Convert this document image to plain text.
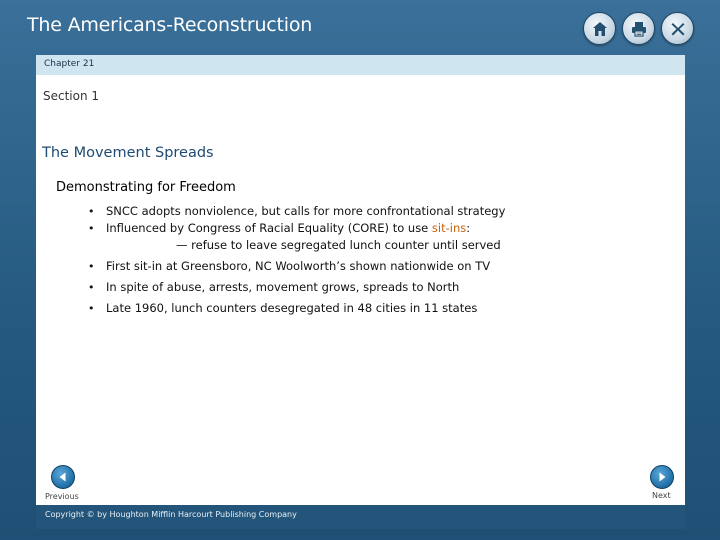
The Americans-Reconstruction
Chapter 21
Section 1
The Movement Spreads
Demonstrating for Freedom
• SNCC adopts nonviolence, but calls for more confrontational strategy
• Influenced by Congress of Racial Equality (CORE) to use sit-ins:
— refuse to leave segregated lunch counter until served
• First sit-in at Greensboro, NC Woolworth’s shown nationwide on TV
• In spite of abuse, arrests, movement grows, spreads to North
• Late 1960, lunch counters desegregated in 48 cities in 11 states
Previous	Next
Copyright © by Houghton Mifflin Harcourt Publishing Company
